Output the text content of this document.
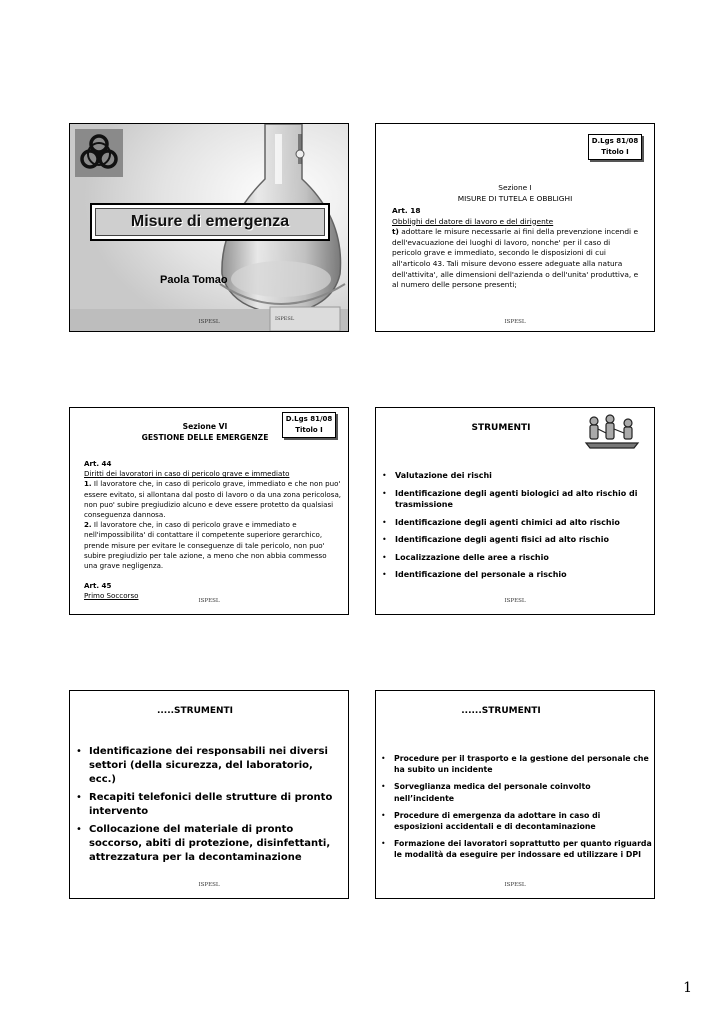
Misure di emergenza
Paola Tomao
ISPESL
ISPESL
D.Lgs 81/08
Titolo I
Sezione I
MISURE DI TUTELA E OBBLIGHI
Art. 18
Obblighi del datore di lavoro e del dirigente
t) adottare le misure necessarie ai fini della prevenzione incendi e dell'evacuazione dei luoghi di lavoro, nonche' per il caso di pericolo grave e immediato, secondo le disposizioni di cui all'articolo 43. Tali misure devono essere adeguate alla natura dell'attivita', alle dimensioni dell'azienda o dell'unita' produttiva, e al numero delle persone presenti;
ISPESL
D.Lgs 81/08
Titolo I
Sezione VI
GESTIONE DELLE EMERGENZE
Art. 44
Diritti dei lavoratori in caso di pericolo grave e immediato
1. Il lavoratore che, in caso di pericolo grave, immediato e che non puo' essere evitato, si allontana dal posto di lavoro o da una zona pericolosa, non puo' subire pregiudizio alcuno e deve essere protetto da qualsiasi conseguenza dannosa.
2. Il lavoratore che, in caso di pericolo grave e immediato e nell'impossibilita' di contattare il competente superiore gerarchico, prende misure per evitare le conseguenze di tale pericolo, non puo' subire pregiudizio per tale azione, a meno che non abbia commesso una grave negligenza.
Art. 45
Primo Soccorso
ISPESL
STRUMENTI
• Valutazione dei rischi
• Identificazione degli agenti biologici ad alto rischio di trasmissione
• Identificazione degli agenti chimici ad alto rischio
• Identificazione degli agenti fisici ad alto rischio
• Localizzazione delle aree a rischio
• Identificazione del personale a rischio
ISPESL
.....STRUMENTI
• Identificazione dei responsabili nei diversi settori (della sicurezza, del laboratorio, ecc.)
• Recapiti telefonici delle strutture di pronto intervento
• Collocazione del materiale di pronto soccorso, abiti di protezione, disinfettanti, attrezzatura per la decontaminazione
ISPESL
......STRUMENTI
• Procedure per il trasporto e la gestione del personale che ha subito un incidente
• Sorveglianza medica del personale coinvolto nell’incidente
• Procedure di emergenza da adottare in caso di esposizioni accidentali e di decontaminazione
• Formazione dei lavoratori soprattutto per quanto riguarda le modalità da eseguire per indossare ed utilizzare i DPI
ISPESL
1
